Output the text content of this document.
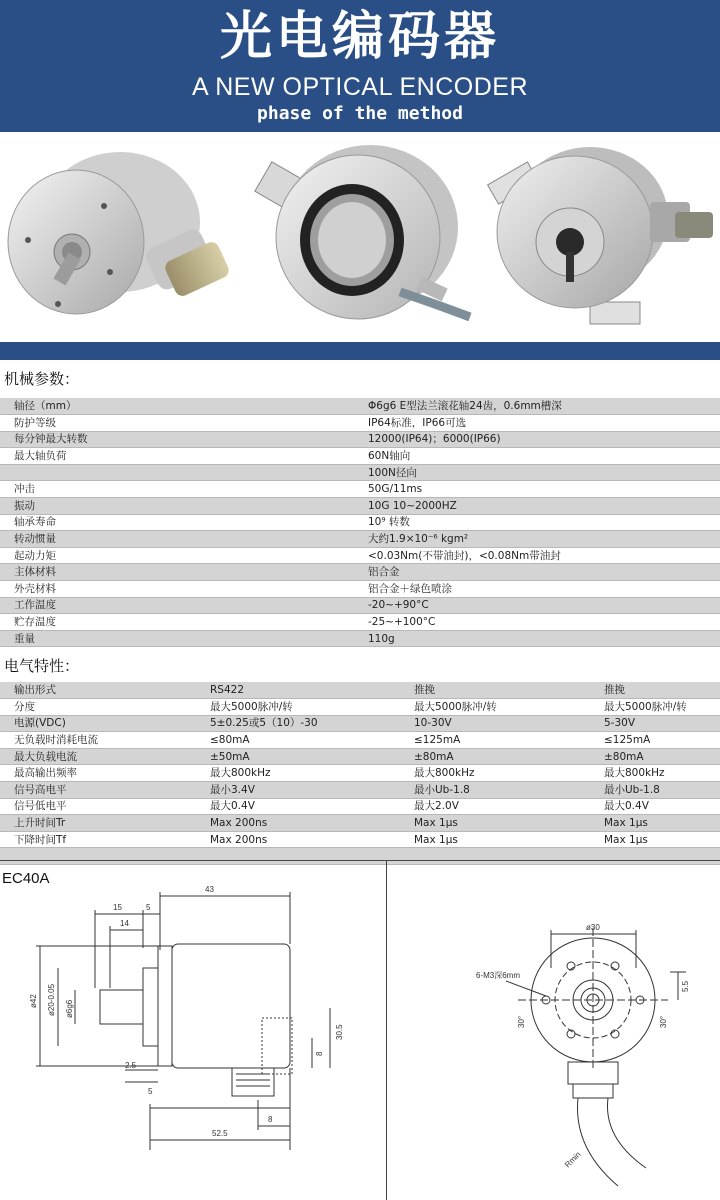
光电编码器
A NEW OPTICAL ENCODER
phase of the method
机械参数：
轴径（mm）	Φ6g6 E型法兰滚花轴24齿，0.6mm槽深
防护等级	IP64标准，IP66可选
每分钟最大转数	12000(IP64)；6000(IP66)
最大轴负荷	60N轴向
	100N径向
冲击	50G/11ms
振动	10G 10~2000HZ
轴承寿命	10⁹ 转数
转动惯量	大约1.9×10⁻⁶ kgm²
起动力矩	<0.03Nm(不带油封)，<0.08Nm带油封
主体材料	铝合金
外壳材料	铝合金＋绿色喷涂
工作温度	-20~+90°C
贮存温度	-25~+100°C
重量	110g
电气特性：
输出形式	RS422	推挽	推挽
分度	最大5000脉冲/转	最大5000脉冲/转	最大5000脉冲/转
电源(VDC)	5±0.25或5（10）-30	10-30V	5-30V
无负载时消耗电流	≤80mA	≤125mA	≤125mA
最大负载电流	±50mA	±80mA	±80mA
最高输出频率	最大800kHz	最大800kHz	最大800kHz
信号高电平	最小3.4V	最小Ub-1.8	最小Ub-1.8
信号低电平	最大0.4V	最大2.0V	最大0.4V
上升时间Tr	Max 200ns	Max 1μs	Max 1μs
下降时间Tf	Max 200ns	Max 1μs	Max 1μs

EC40A
43
15	5
14
ø42 ø20-0.05 ø6g6
30.5
8
2.5
5
8
52.5
ø30
6-M3深6mm
5.5
30°	30°
Rmin
